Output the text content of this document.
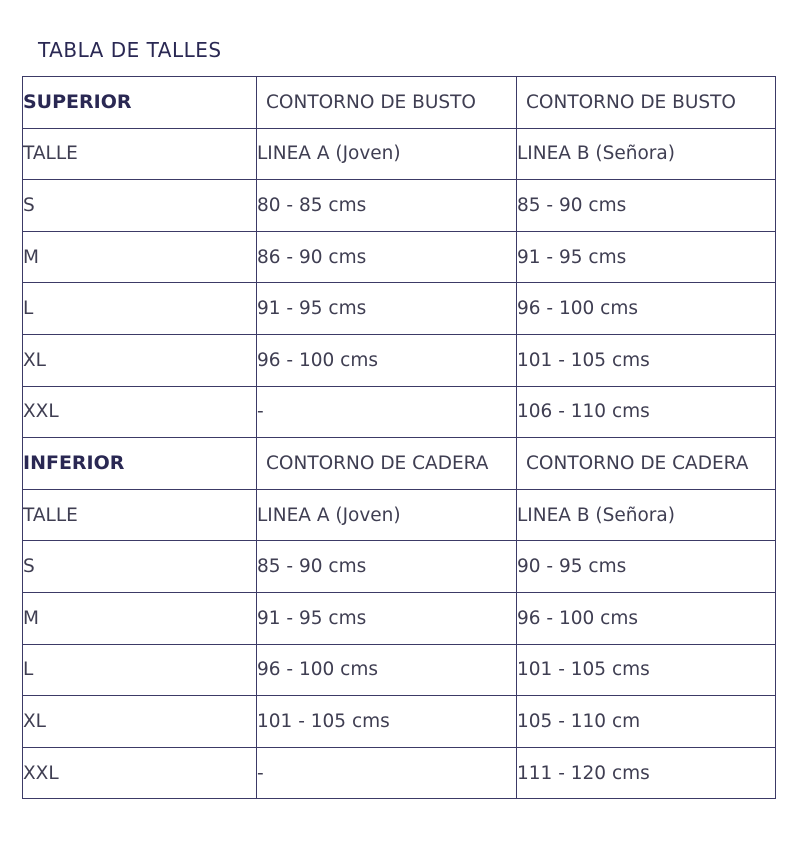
TABLA DE TALLES
SUPERIOR	CONTORNO DE BUSTO	CONTORNO DE BUSTO
TALLE	LINEA A (Joven)	LINEA B (Señora)
S	80 - 85 cms	85 - 90 cms
M	86 - 90 cms	91 - 95 cms
L	91 - 95 cms	96 - 100 cms
XL	96 - 100 cms	101 - 105 cms
XXL	-	106 - 110 cms
INFERIOR	CONTORNO DE CADERA	CONTORNO DE CADERA
TALLE	LINEA A (Joven)	LINEA B (Señora)
S	85 - 90 cms	90 - 95 cms
M	91 - 95 cms	96 - 100 cms
L	96 - 100 cms	101 - 105 cms
XL	101 - 105 cms	105 - 110 cm
XXL	-	111 - 120 cms
